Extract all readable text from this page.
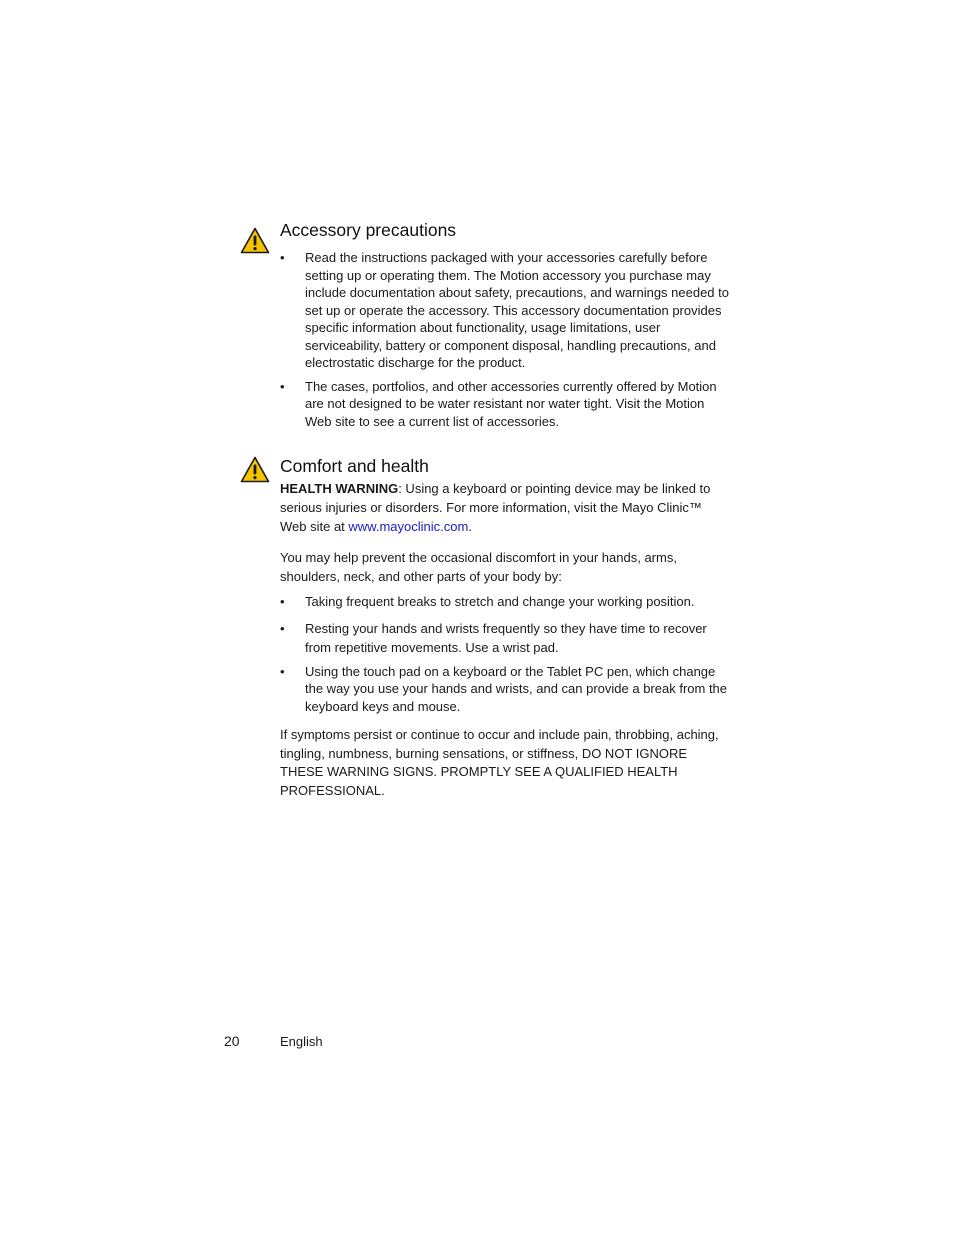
Accessory precautions
• Read the instructions packaged with your accessories carefully before setting up or operating them. The Motion accessory you purchase may include documentation about safety, precautions, and warnings needed to set up or operate the accessory. This accessory documentation provides specific information about functionality, usage limitations, user serviceability, battery or component disposal, handling precautions, and electrostatic discharge for the product.
• The cases, portfolios, and other accessories currently offered by Motion are not designed to be water resistant nor water tight. Visit the Motion Web site to see a current list of accessories.
Comfort and health

HEALTH WARNING: Using a keyboard or pointing device may be linked to serious injuries or disorders. For more information, visit the Mayo Clinic™ Web site at www.mayoclinic.com.

You may help prevent the occasional discomfort in your hands, arms, shoulders, neck, and other parts of your body by:

• Taking frequent breaks to stretch and change your working position.
• Resting your hands and wrists frequently so they have time to recover from repetitive movements. Use a wrist pad.
• Using the touch pad on a keyboard or the Tablet PC pen, which change the way you use your hands and wrists, and can provide a break from the keyboard keys and mouse.

If symptoms persist or continue to occur and include pain, throbbing, aching, tingling, numbness, burning sensations, or stiffness, DO NOT IGNORE THESE WARNING SIGNS. PROMPTLY SEE A QUALIFIED HEALTH PROFESSIONAL.

20	English
